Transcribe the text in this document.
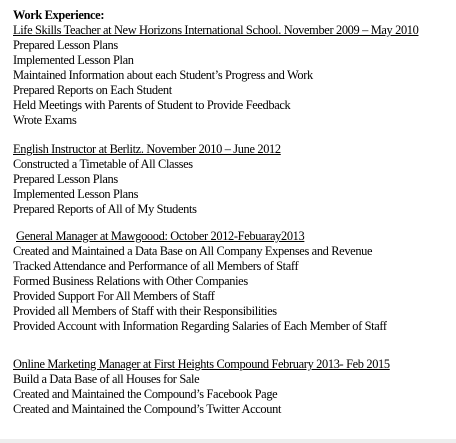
Work Experience:
Life Skills Teacher at New Horizons International School. November 2009 – May 2010
Prepared Lesson Plans
Implemented Lesson Plan
Maintained Information about each Student’s Progress and Work
Prepared Reports on Each Student
Held Meetings with Parents of Student to Provide Feedback
Wrote Exams
English Instructor at Berlitz. November 2010 – June 2012
Constructed a Timetable of All Classes
Prepared Lesson Plans
Implemented Lesson Plans
Prepared Reports of All of My Students
General Manager at Mawgoood: October 2012-Febuaray2013
Created and Maintained a Data Base on All Company Expenses and Revenue
Tracked Attendance and Performance of all Members of Staff
Formed Business Relations with Other Companies
Provided Support For All Members of Staff
Provided all Members of Staff with their Responsibilities
Provided Account with Information Regarding Salaries of Each Member of Staff
Online Marketing Manager at First Heights Compound February 2013- Feb 2015
Build a Data Base of all Houses for Sale
Created and Maintained the Compound’s Facebook Page
Created and Maintained the Compound’s Twitter Account
